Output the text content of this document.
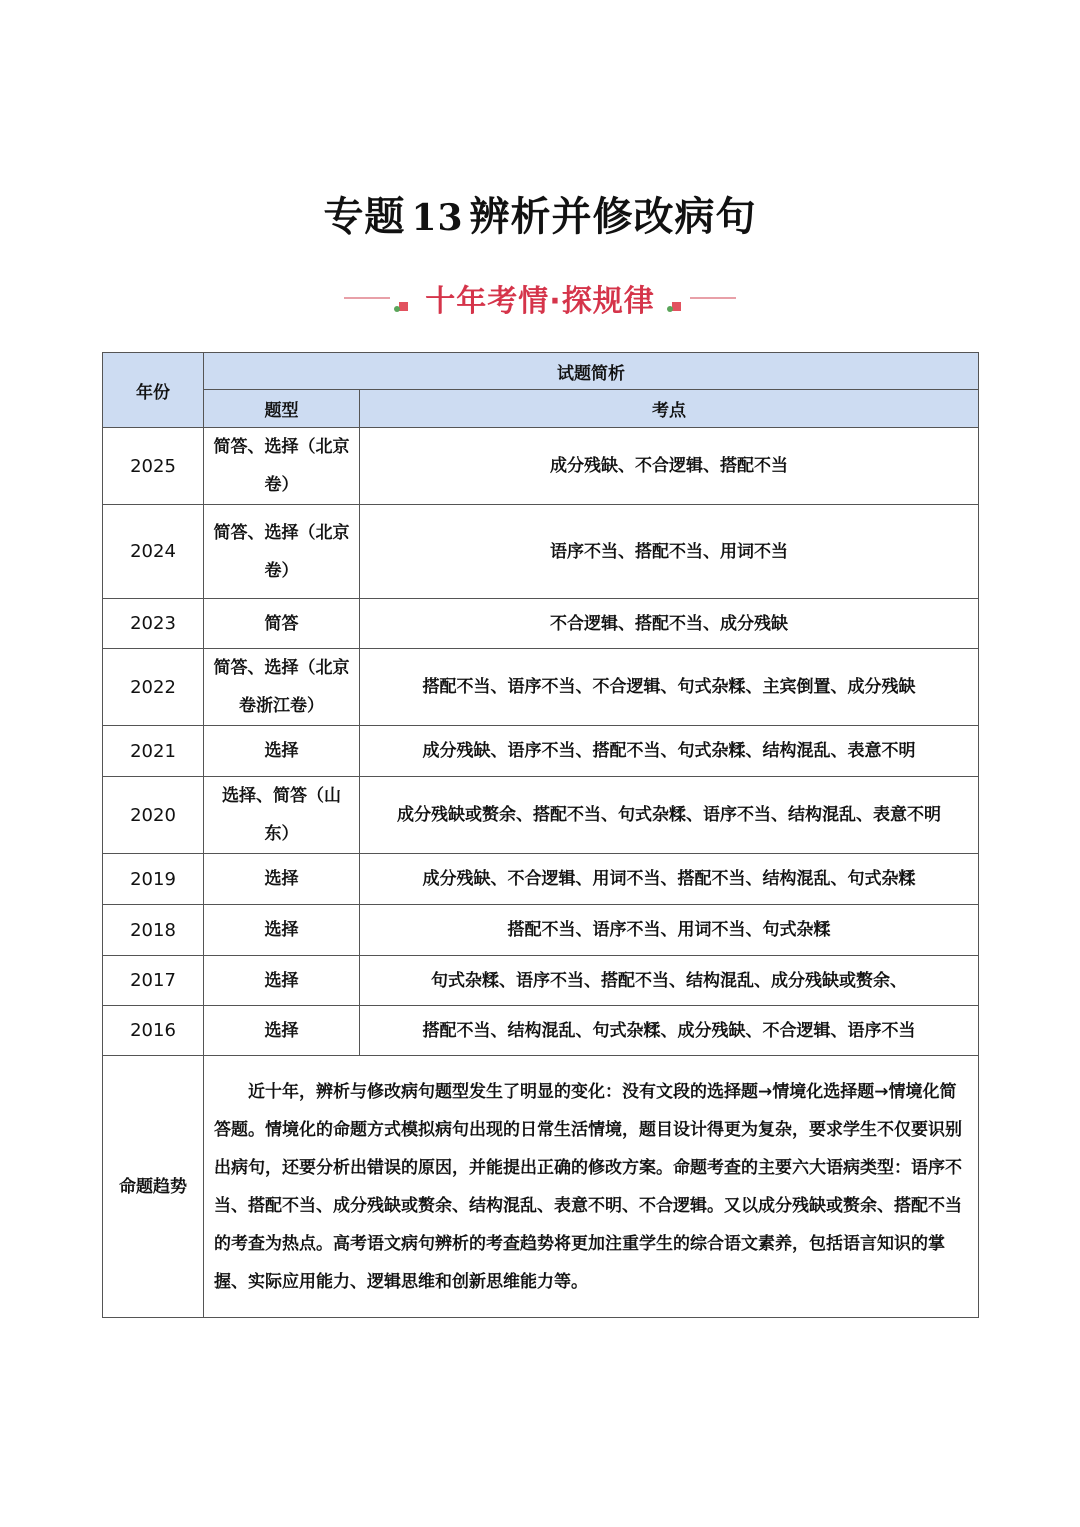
专题 13 辨析并修改病句
十年考情·探规律
年份	试题简析	
	题型	考点
2025	简答、选择（北京卷）	成分残缺、不合逻辑、搭配不当
2024	简答、选择（北京卷）	语序不当、搭配不当、用词不当
2023	简答	不合逻辑、搭配不当、成分残缺
2022	简答、选择（北京卷浙江卷）	搭配不当、语序不当、不合逻辑、句式杂糅、主宾倒置、成分残缺
2021	选择	成分残缺、语序不当、搭配不当、句式杂糅、结构混乱、表意不明
2020	选择、简答（山东）	成分残缺或赘余、搭配不当、句式杂糅、语序不当、结构混乱、表意不明
2019	选择	成分残缺、不合逻辑、用词不当、搭配不当、结构混乱、句式杂糅
2018	选择	搭配不当、语序不当、用词不当、句式杂糅
2017	选择	句式杂糅、语序不当、搭配不当、结构混乱、成分残缺或赘余、
2016	选择	搭配不当、结构混乱、句式杂糅、成分残缺、不合逻辑、语序不当
命题趋势	近十年，辨析与修改病句题型发生了明显的变化：没有文段的选择题→情境化选择题→情境化简答题。情境化的命题方式模拟病句出现的日常生活情境，题目设计得更为复杂，要求学生不仅要识别出病句，还要分析出错误的原因，并能提出正确的修改方案。命题考查的主要六大语病类型：语序不当、搭配不当、成分残缺或赘余、结构混乱、表意不明、不合逻辑。又以成分残缺或赘余、搭配不当的考查为热点。高考语文病句辨析的考查趋势将更加注重学生的综合语文素养，包括语言知识的掌握、实际应用能力、逻辑思维和创新思维能力等。	
